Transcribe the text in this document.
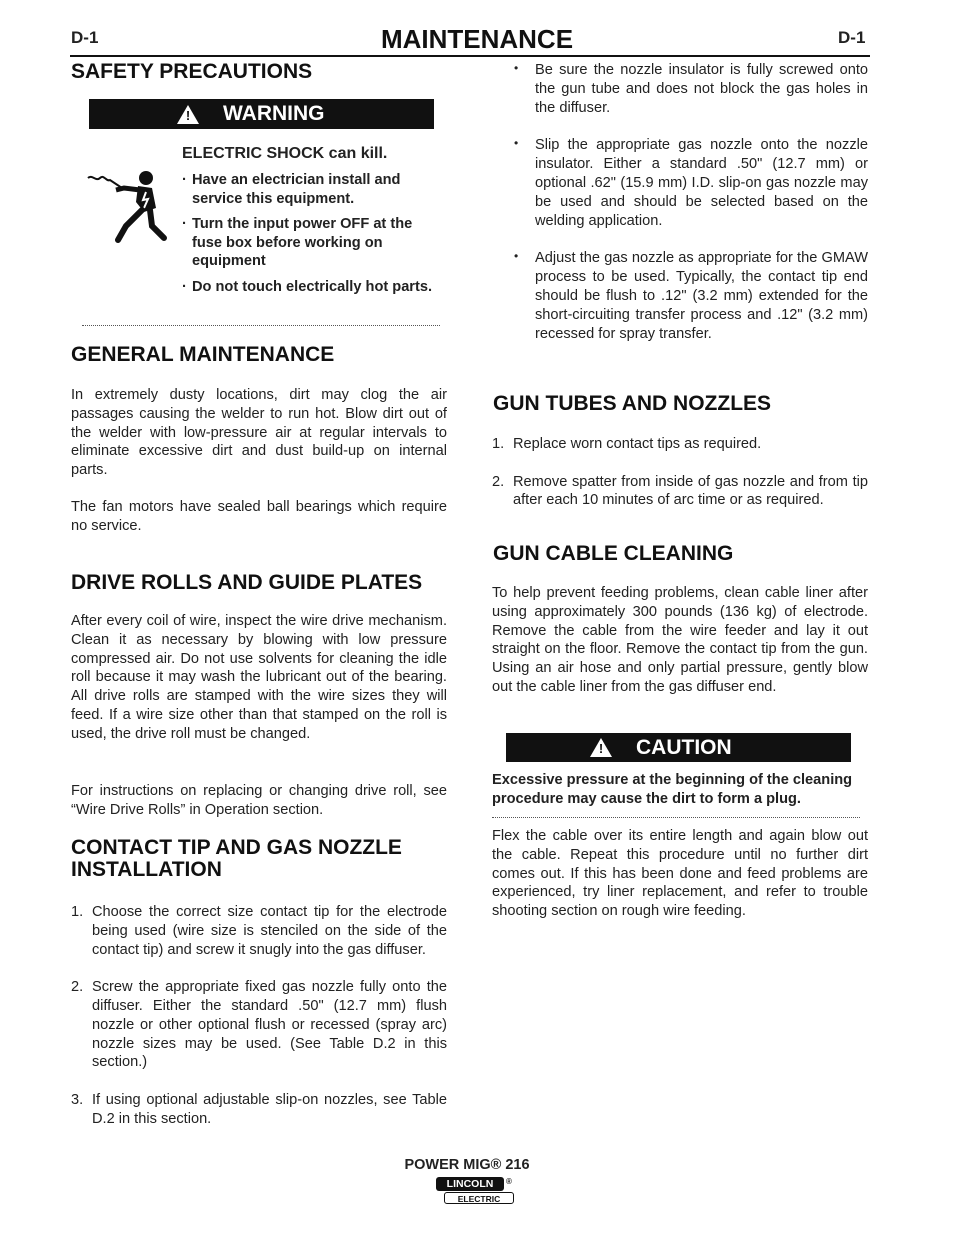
D-1	D-1
MAINTENANCE
SAFETY PRECAUTIONS
! WARNING
ELECTRIC SHOCK can kill.
· Have an electrician install and service this equipment.
· Turn the input power OFF at the fuse box before working on equipment
· Do not touch electrically hot parts.
GENERAL MAINTENANCE

In extremely dusty locations, dirt may clog the air passages causing the welder to run hot. Blow dirt out of the welder with low-pressure air at regular intervals to eliminate excessive dirt and dust build-up on internal parts.

The fan motors have sealed ball bearings which require no service.

DRIVE ROLLS AND GUIDE PLATES

After every coil of wire, inspect the wire drive mechanism. Clean it as necessary by blowing with low pressure compressed air. Do not use solvents for cleaning the idle roll because it may wash the lubricant out of the bearing. All drive rolls are stamped with the wire sizes they will feed. If a wire size other than that stamped on the roll is used, the drive roll must be changed.

For instructions on replacing or changing drive roll, see “Wire Drive Rolls” in Operation section.

CONTACT TIP AND GAS NOZZLE
INSTALLATION
1. Choose the correct size contact tip for the electrode being used (wire size is stenciled on the side of the contact tip) and screw it snugly into the gas diffuser.
2. Screw the appropriate fixed gas nozzle fully onto the diffuser. Either the standard .50" (12.7 mm) flush nozzle or other optional flush or recessed (spray arc) nozzle sizes may be used. (See Table D.2 in this section.)
3. If using optional adjustable slip-on nozzles, see Table D.2 in this section.
• Be sure the nozzle insulator is fully screwed onto the gun tube and does not block the gas holes in the diffuser.
• Slip the appropriate gas nozzle onto the nozzle insulator. Either a standard .50" (12.7 mm) or optional .62" (15.9 mm) I.D. slip-on gas nozzle may be used and should be selected based on the welding application.
• Adjust the gas nozzle as appropriate for the GMAW process to be used. Typically, the contact tip end should be flush to .12" (3.2 mm) extended for the short-circuiting transfer process and .12" (3.2 mm) recessed for spray transfer.
GUN TUBES AND NOZZLES
1. Replace worn contact tips as required.
2. Remove spatter from inside of gas nozzle and from tip after each 10 minutes of arc time or as required.
GUN CABLE CLEANING

To help prevent feeding problems, clean cable liner after using approximately 300 pounds (136 kg) of electrode. Remove the cable from the wire feeder and lay it out straight on the floor. Remove the contact tip from the gun. Using an air hose and only partial pressure, gently blow out the cable liner from the gas diffuser end.

! CAUTION

Excessive pressure at the beginning of the cleaning procedure may cause the dirt to form a plug.

Flex the cable over its entire length and again blow out the cable. Repeat this procedure until no further dirt comes out. If this has been done and feed problems are experienced, try liner replacement, and refer to trouble shooting section on rough wire feeding.

POWER MIG® 216
LINCOLN	®
ELECTRIC
